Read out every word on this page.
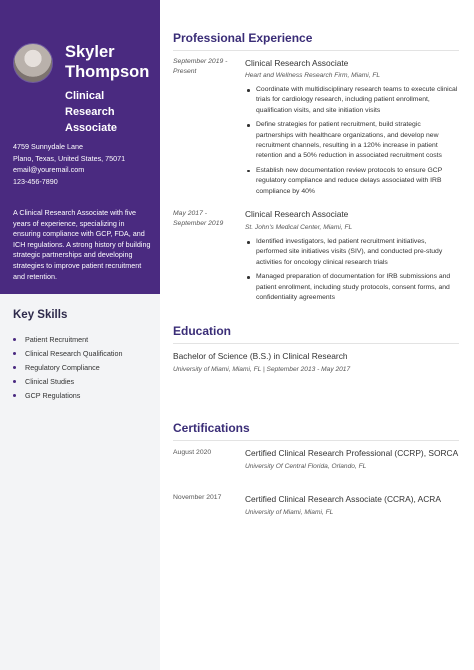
Skyler
Thompson
Clinical
Research
Associate
4759 Sunnydale Lane
Plano, Texas, United States, 75071
email@youremail.com
123-456-7890
A Clinical Research Associate with five years of experience, specializing in ensuring compliance with GCP, FDA, and ICH regulations. A strong history of building strategic partnerships and developing strategies to improve patient recruitment and retention.
Key Skills
Patient Recruitment
Clinical Research Qualification
Regulatory Compliance
Clinical Studies
GCP Regulations
Professional Experience
September 2019 -
Present
Clinical Research Associate
Heart and Wellness Research Firm, Miami, FL
Coordinate with multidisciplinary research teams to execute clinical trials for cardiology research, including patient enrollment, qualification visits, and site initiation visits
Define strategies for patient recruitment, build strategic partnerships with healthcare organizations, and develop new recruitment channels, resulting in a 120% increase in patient retention and a 50% reduction in associated recruitment costs
Establish new documentation review protocols to ensure GCP regulatory compliance and reduce delays associated with IRB compliance by 40%
May 2017 -
September 2019
Clinical Research Associate
St. John's Medical Center, Miami, FL
Identified investigators, led patient recruitment initiatives, performed site initiatives visits (SIV), and conducted pre-study activities for oncology clinical research trials
Managed preparation of documentation for IRB submissions and patient enrollment, including study protocols, consent forms, and confidentiality agreements
Education
Bachelor of Science (B.S.) in Clinical Research
University of Miami, Miami, FL | September 2013 - May 2017
Certifications
August 2020	Certified Clinical Research Professional (CCRP), SORCA
University Of Central Florida, Orlando, FL
November 2017	Certified Clinical Research Associate (CCRA), ACRA
University of Miami, Miami, FL
